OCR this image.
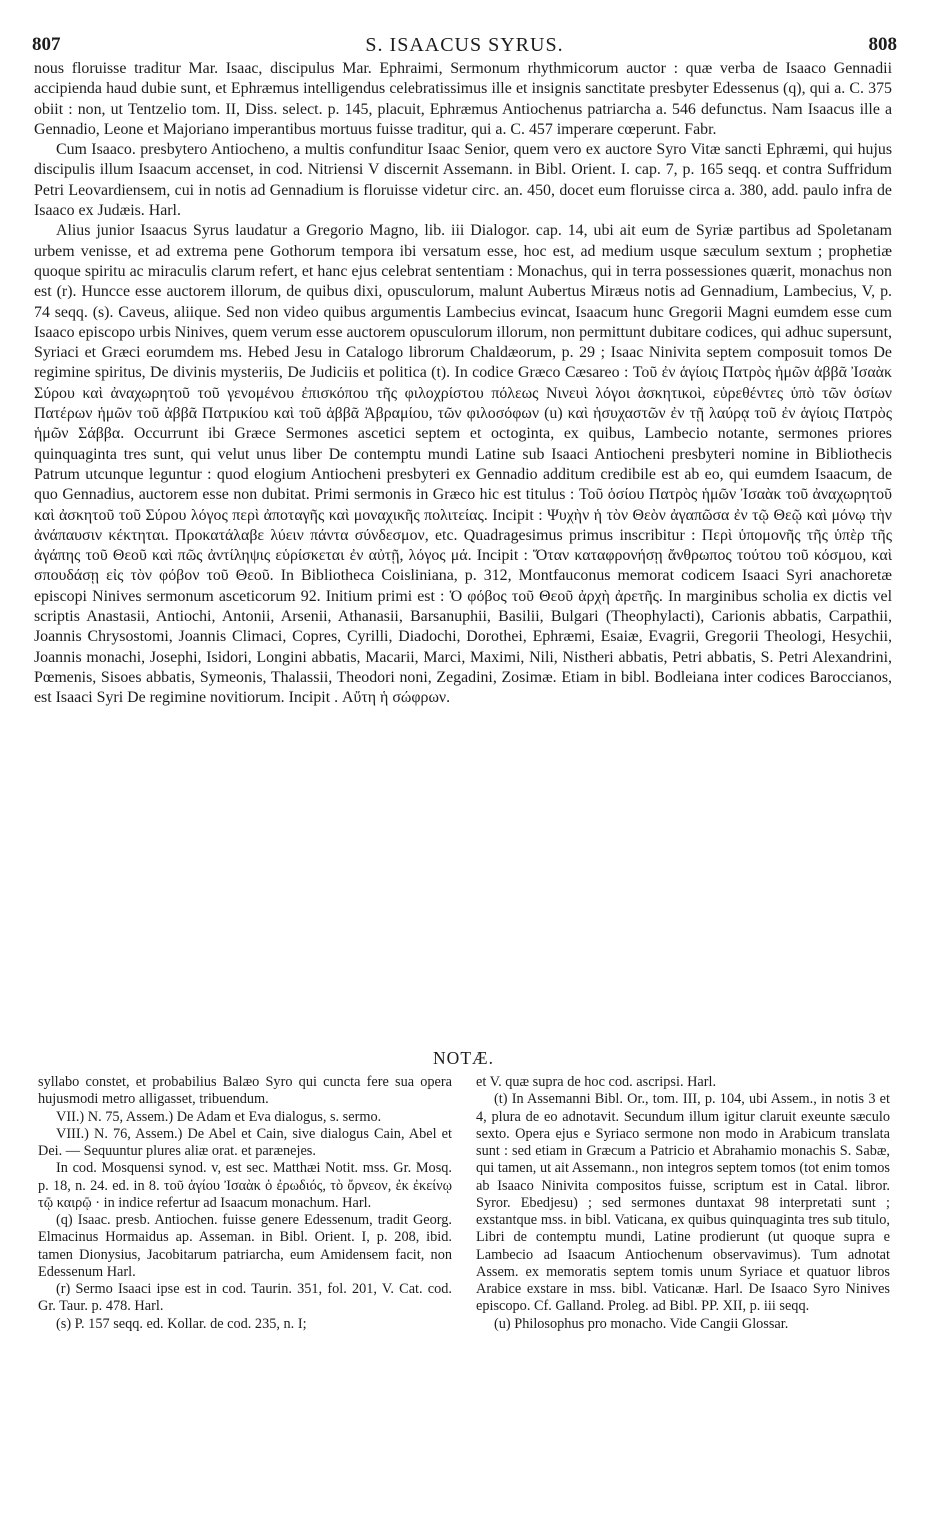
807	S. ISAACUS SYRUS.	808

nous floruisse traditur Mar. Isaac, discipulus Mar. Ephraimi, Sermonum rhythmicorum auctor : quæ verba de Isaaco Gennadii accipienda haud dubie sunt, et Ephræmus intelligendus celebratissimus ille et insignis sanctitate presbyter Edessenus (q), qui a. C. 375 obiit : non, ut Tentzelio tom. II, Diss. select. p. 145, placuit, Ephræmus Antiochenus patriarcha a. 546 defunctus. Nam Isaacus ille a Gennadio, Leone et Majoriano imperantibus mortuus fuisse traditur, qui a. C. 457 imperare cœperunt. Fabr.

Cum Isaaco. presbytero Antiocheno, a multis confunditur Isaac Senior, quem vero ex auctore Syro Vitæ sancti Ephræmi, qui hujus discipulis illum Isaacum accenset, in cod. Nitriensi V discernit Assemann. in Bibl. Orient. I. cap. 7, p. 165 seqq. et contra Suffridum Petri Leovardiensem, cui in notis ad Gennadium is floruisse videtur circ. an. 450, docet eum floruisse circa a. 380, add. paulo infra de Isaaco ex Judæis. Harl.

Alius junior Isaacus Syrus laudatur a Gregorio Magno, lib. iii Dialogor. cap. 14, ubi ait eum de Syriæ partibus ad Spoletanam urbem venisse, et ad extrema pene Gothorum tempora ibi versatum esse, hoc est, ad medium usque sæculum sextum ; prophetiæ quoque spiritu ac miraculis clarum refert, et hanc ejus celebrat sententiam : Monachus, qui in terra possessiones quærit, monachus non est (r). Huncce esse auctorem illorum, de quibus dixi, opusculorum, malunt Aubertus Miræus notis ad Gennadium, Lambecius, V, p. 74 seqq. (s). Caveus, aliique. Sed non video quibus argumentis Lambecius evincat, Isaacum hunc Gregorii Magni eumdem esse cum Isaaco episcopo urbis Ninives, quem verum esse auctorem opusculorum illorum, non permittunt dubitare codices, qui adhuc supersunt, Syriaci et Græci eorumdem ms. Hebed Jesu in Catalogo librorum Chaldæorum, p. 29 ; Isaac Ninivita septem composuit tomos De regimine spiritus, De divinis mysteriis, De Judiciis et politica (t). In codice Græco Cæsareo : Τοῦ ἐν ἁγίοις Πατρὸς ἡμῶν ἀββᾶ Ἰσαὰκ Σύρου καὶ ἀναχωρητοῦ τοῦ γενομένου ἐπισκόπου τῆς φιλοχρίστου πόλεως Νινευὶ λόγοι ἀσκητικοὶ, εὑρεθέντες ὑπὸ τῶν ὁσίων Πατέρων ἡμῶν τοῦ ἀββᾶ Πατρικίου καὶ τοῦ ἀββᾶ Ἀβραμίου, τῶν φιλοσόφων (u) καὶ ἡσυχαστῶν ἐν τῇ λαύρᾳ τοῦ ἐν ἁγίοις Πατρὸς ἡμῶν Σάββα. Occurrunt ibi Græce Sermones ascetici septem et octoginta, ex quibus, Lambecio notante, sermones priores quinquaginta tres sunt, qui velut unus liber De contemptu mundi Latine sub Isaaci Antiocheni presbyteri nomine in Bibliothecis Patrum utcunque leguntur : quod elogium Antiocheni presbyteri ex Gennadio additum credibile est ab eo, qui eumdem Isaacum, de quo Gennadius, auctorem esse non dubitat. Primi sermonis in Græco hic est titulus : Τοῦ ὁσίου Πατρὸς ἡμῶν Ἰσαὰκ τοῦ ἀναχωρητοῦ καὶ ἀσκητοῦ τοῦ Σύρου λόγος περὶ ἀποταγῆς καὶ μοναχικῆς πολιτείας. Incipit : Ψυχὴν ἡ τὸν Θεὸν ἀγαπῶσα ἐν τῷ Θεῷ καὶ μόνῳ τὴν ἀνάπαυσιν κέκτηται. Προκατάλαβε λύειν πάντα σύνδεσμον, etc. Quadragesimus primus inscribitur : Περὶ ὑπομονῆς τῆς ὑπὲρ τῆς ἀγάπης τοῦ Θεοῦ καὶ πῶς ἀντίληψις εὑρίσκεται ἐν αὐτῇ, λόγος μά. Incipit : Ὅταν καταφρονήσῃ ἄνθρωπος τούτου τοῦ κόσμου, καὶ σπουδάσῃ εἰς τὸν φόβον τοῦ Θεοῦ. In Bibliotheca Coisliniana, p. 312, Montfauconus memorat codicem Isaaci Syri anachoretæ episcopi Ninives sermonum asceticorum 92. Initium primi est : Ὁ φόβος τοῦ Θεοῦ ἀρχὴ ἀρετῆς. In marginibus scholia ex dictis vel scriptis Anastasii, Antiochi, Antonii, Arsenii, Athanasii, Barsanuphii, Basilii, Bulgari (Theophylacti), Carionis abbatis, Carpathii, Joannis Chrysostomi, Joannis Climaci, Copres, Cyrilli, Diadochi, Dorothei, Ephræmi, Esaiæ, Evagrii, Gregorii Theologi, Hesychii, Joannis monachi, Josephi, Isidori, Longini abbatis, Macarii, Marci, Maximi, Nili, Nistheri abbatis, Petri abbatis, S. Petri Alexandrini, Pœmenis, Sisoes abbatis, Symeonis, Thalassii, Theodori noni, Zegadini, Zosimæ. Etiam in bibl. Bodleiana inter codices Baroccianos, est Isaaci Syri De regimine novitiorum. Incipit . Αὔτη ἡ σώφρων.

NOTÆ.

syllabo constet, et probabilius Balæo Syro qui cuncta fere sua opera hujusmodi metro alligasset, tribuendum.

VII.) N. 75, Assem.) De Adam et Eva dialogus, s. sermo.

VIII.) N. 76, Assem.) De Abel et Cain, sive dialogus Cain, Abel et Dei. — Sequuntur plures aliæ orat. et parænejes.

In cod. Mosquensi synod. v, est sec. Matthæi Notit. mss. Gr. Mosq. p. 18, n. 24. ed. in 8. τοῦ ἁγίου Ἰσαὰκ ὁ ἐρωδιός, τὸ ὄρνεον, ἐκ ἐκείνῳ τῷ καιρῷ · in indice refertur ad Isaacum monachum. Harl.

(q) Isaac. presb. Antiochen. fuisse genere Edessenum, tradit Georg. Elmacinus Hormaidus ap. Asseman. in Bibl. Orient. I, p. 208, ibid. tamen Dionysius, Jacobitarum patriarcha, eum Amidensem facit, non Edessenum Harl.

(r) Sermo Isaaci ipse est in cod. Taurin. 351, fol. 201, V. Cat. cod. Gr. Taur. p. 478. Harl.

(s) P. 157 seqq. ed. Kollar. de cod. 235, n. I;

et V. quæ supra de hoc cod. ascripsi. Harl.

(t) In Assemanni Bibl. Or., tom. III, p. 104, ubi Assem., in notis 3 et 4, plura de eo adnotavit. Secundum illum igitur claruit exeunte sæculo sexto. Opera ejus e Syriaco sermone non modo in Arabicum translata sunt : sed etiam in Græcum a Patricio et Abrahamio monachis S. Sabæ, qui tamen, ut ait Assemann., non integros septem tomos (tot enim tomos ab Isaaco Ninivita compositos fuisse, scriptum est in Catal. libror. Syror. Ebedjesu) ; sed sermones duntaxat 98 interpretati sunt ; exstantque mss. in bibl. Vaticana, ex quibus quinquaginta tres sub titulo, Libri de contemptu mundi, Latine prodierunt (ut quoque supra e Lambecio ad Isaacum Antiochenum observavimus). Tum adnotat Assem. ex memoratis septem tomis unum Syriace et quatuor libros Arabice exstare in mss. bibl. Vaticanæ. Harl. De Isaaco Syro Ninives episcopo. Cf. Galland. Proleg. ad Bibl. PP. XII, p. iii seqq.

(u) Philosophus pro monacho. Vide Cangii Glossar.
